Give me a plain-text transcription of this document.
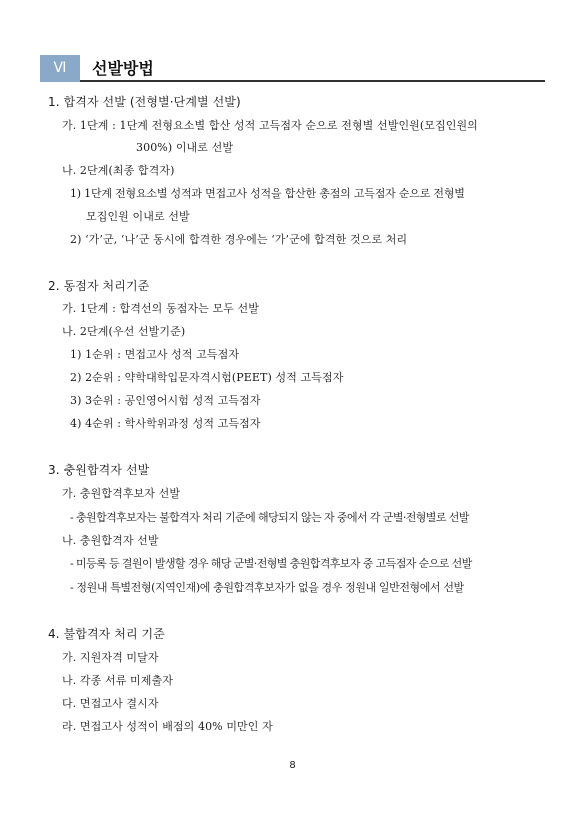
Ⅵ	선발방법
1. 합격자 선발 (전형별·단계별 선발)
가. 1단계 : 1단계 전형요소별 합산 성적 고득점자 순으로 전형별 선발인원(모집인원의
300%) 이내로 선발
나. 2단계(최종 합격자)
1) 1단계 전형요소별 성적과 면접고사 성적을 합산한 총점의 고득점자 순으로 전형별
모집인원 이내로 선발
2) ‘가’군, ‘나’군 동시에 합격한 경우에는 ‘가’군에 합격한 것으로 처리
2. 동점자 처리기준
가. 1단계 : 합격선의 동점자는 모두 선발
나. 2단계(우선 선발기준)
1) 1순위 : 면접고사 성적 고득점자
2) 2순위 : 약학대학입문자격시험(PEET) 성적 고득점자
3) 3순위 : 공인영어시험 성적 고득점자
4) 4순위 : 학사학위과정 성적 고득점자
3. 충원합격자 선발
가. 충원합격후보자 선발
- 충원합격후보자는 불합격자 처리 기준에 해당되지 않는 자 중에서 각 군별·전형별로 선발
나. 충원합격자 선발
- 미등록 등 결원이 발생할 경우 해당 군별·전형별 충원합격후보자 중 고득점자 순으로 선발
- 정원내 특별전형(지역인재)에 충원합격후보자가 없을 경우 정원내 일반전형에서 선발
4. 불합격자 처리 기준
가. 지원자격 미달자
나. 각종 서류 미제출자
다. 면접고사 결시자
라. 면접고사 성적이 배점의 40% 미만인 자
8
